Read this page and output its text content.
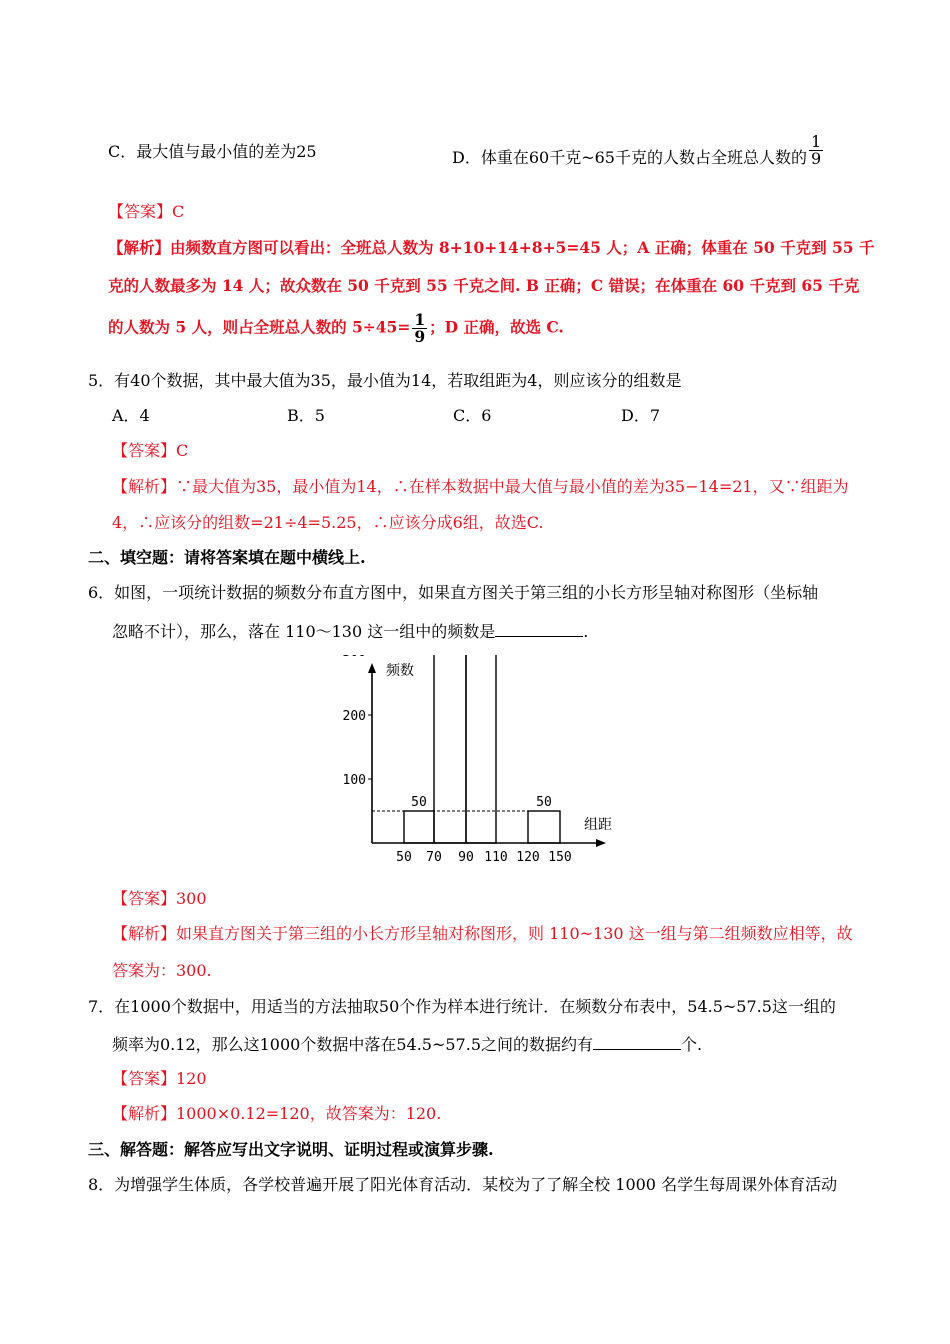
C．最大值与最小值的差为25	D．体重在60千克~65千克的人数占全班总人数的 $\frac{1}{9}$
【答案】C
【解析】由频数直方图可以看出：全班总人数为 8+10+14+8+5=45 人；A 正确；体重在 50 千克到 55 千
克的人数最多为 14 人；故众数在 50 千克到 55 千克之间. B 正确；C 错误；在体重在 60 千克到 65 千克
的人数为 5 人，则占全班总人数的 $5\div 45= \frac{1}{9}$ ；D 正确，故选 C.
5．有40个数据，其中最大值为35，最小值为14，若取组距为4，则应该分的组数是
A．4	B．5	C．6	D．7
【答案】C
【解析】∵最大值为35，最小值为14，∴在样本数据中最大值与最小值的差为35−14=21，又∵组距为
4，∴应该分的组数=21÷4=5.25，∴应该分成6组，故选C.
二、填空题：请将答案填在题中横线上.
6．如图，一项统计数据的频数分布直方图中，如果直方图关于第三组的小长方形呈轴对称图形（坐标轴
忽略不计），那么，落在 110～130 这一组中的频数是	.
频数
组距
100
200
50 70 90 110 120 150
50	50
【答案】300
【解析】如果直方图关于第三组的小长方形呈轴对称图形，则 110~130 这一组与第二组频数应相等，故
答案为：300.
7．在1000个数据中，用适当的方法抽取50个作为样本进行统计．在频数分布表中，54.5~57.5这一组的
频率为0.12，那么这1000个数据中落在54.5~57.5之间的数据约有	个.
【答案】120
【解析】1000×0.12=120，故答案为：120.
三、解答题：解答应写出文字说明、证明过程或演算步骤.
8．为增强学生体质，各学校普遍开展了阳光体育活动．某校为了了解全校 1000 名学生每周课外体育活动
